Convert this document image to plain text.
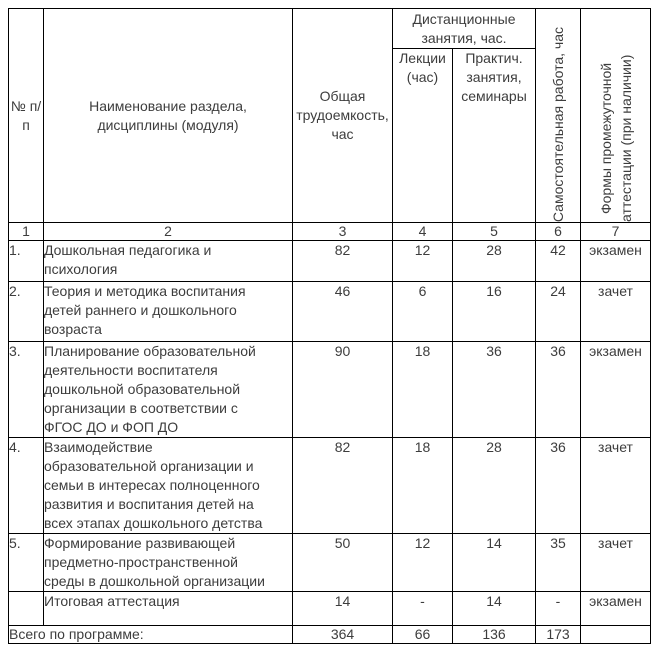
№ п/п	Наименование раздела, дисциплины (модуля)	Общая трудоемкость, час	Дистанционные занятия, час.		Самостоятельная работа, час	Формы промежуточной аттестации (при наличии)

			Лекции (час)	Практич. занятия, семинары		

1	2	3	4	5	6	7
1.	Дошкольная педагогика и психология	82	12	28	42	экзамен
2.	Теория и методика воспитания детей раннего и дошкольного возраста	46	6	16	24	зачет
3.	Планирование образовательной деятельности воспитателя дошкольной образовательной организации в соответствии с ФГОС ДО и ФОП ДО	90	18	36	36	экзамен
4.	Взаимодействие образовательной организации и семьи в интересах полноценного развития и воспитания детей на всех этапах дошкольного детства	82	18	28	36	зачет
5.	Формирование развивающей предметно-пространственной среды в дошкольной организации	50	12	14	35	зачет

	Итоговая аттестация	14	-	14	-	экзамен
Всего по программе:		364	66	136	173	
